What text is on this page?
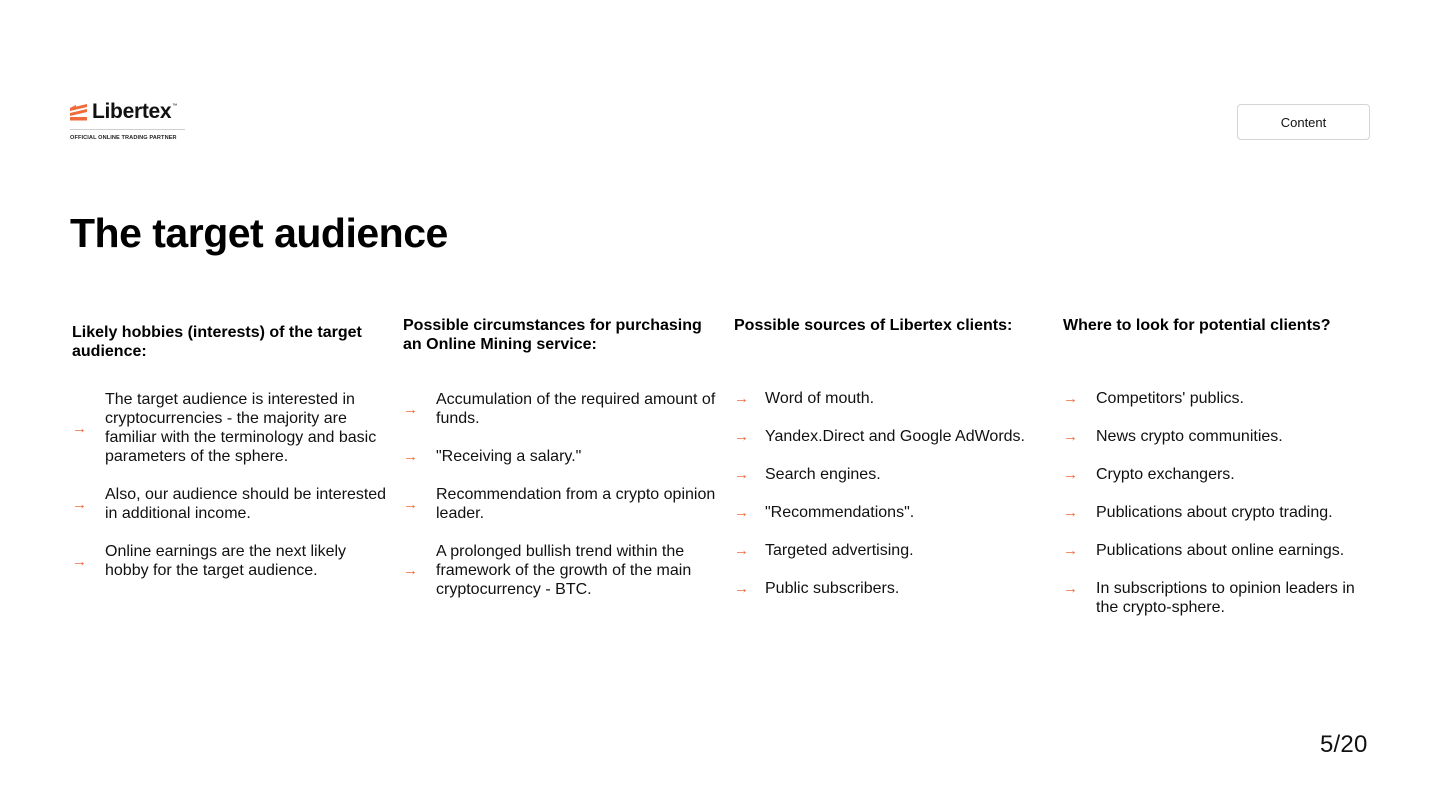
Libertex ™
OFFICIAL ONLINE TRADING PARTNER
Content
The target audience
Likely hobbies (interests) of the target audience:
→
The target audience is interested in cryptocurrencies - the majority are familiar with the terminology and basic parameters of the sphere.
→
Also, our audience should be interested in additional income.
→
Online earnings are the next likely hobby for the target audience.
Possible circumstances for purchasing an Online Mining service:
→
Accumulation of the required amount of funds.
→	"Receiving a salary."
→
Recommendation from a crypto opinion leader.
→
A prolonged bullish trend within the framework of the growth of the main cryptocurrency - BTC.
Possible sources of Libertex clients:
→	Word of mouth.
→	Yandex.Direct and Google AdWords.
→	Search engines.
→	"Recommendations".
→	Targeted advertising.
→	Public subscribers.
Where to look for potential clients?
→	Competitors' publics.
→	News crypto communities.
→	Crypto exchangers.
→	Publications about crypto trading.
→	Publications about online earnings.
→	In subscriptions to opinion leaders in the crypto-sphere.
5/20
